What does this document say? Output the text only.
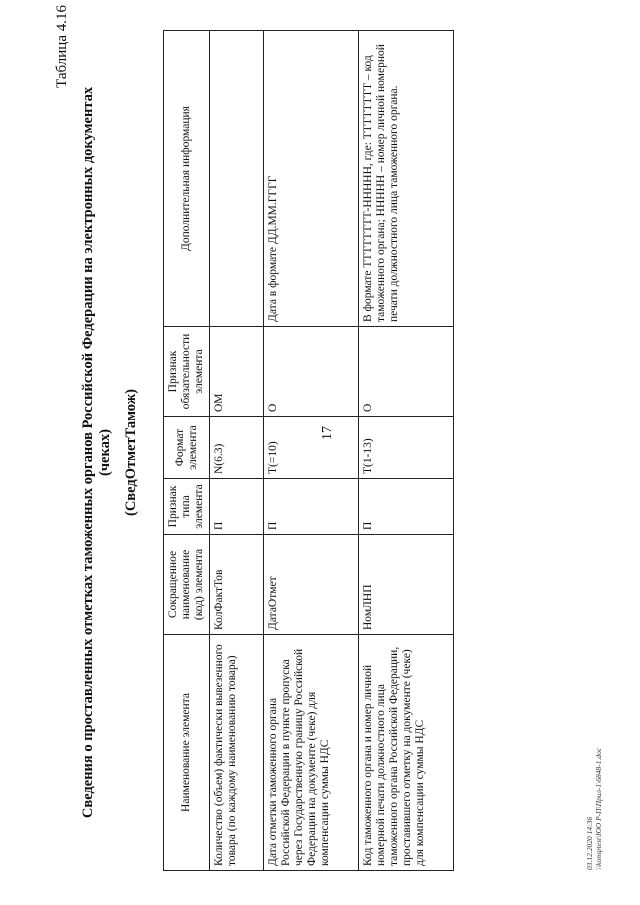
17
Таблица 4.16
Сведения о проставленных отметках таможенных органов Российской Федерации на электронных документах (чеках) (СведОтметТамож)
Наименование элемента	Сокращенное наименование (код) элемента	Признак типа элемента	Формат элемента	Признак обязательности элемента	Дополнительная информация
Количество (объем) фактически вывезенного товара (по каждому наименованию товара)	КолФактТов	П	N(6.3)	ОМ	
Дата отметки таможенного органа Российской Федерации в пункте пропуска через Государственную границу Российской Федерации на документе (чеке) для компенсации суммы НДС	ДатаОтмет	П	T(=10)	О	Дата в формате ДД.ММ.ГГГГ
Код таможенного органа и номер личной номерной печати должностного лица таможенного органа Российской Федерации, проставившего отметку на документе (чеке) для компенсации суммы НДС	НомЛНП	П	T(1-13)	О	В формате ТТТТТТТТ-ННННН, где: ТТТТТТТТ – код таможенного органа; ННННН – номер личной номерной печати должностного лица таможенного органа.
03.12.2020 14:36 \\konsptest\ЮО Р-П\Прил-1\6848-1.doc
